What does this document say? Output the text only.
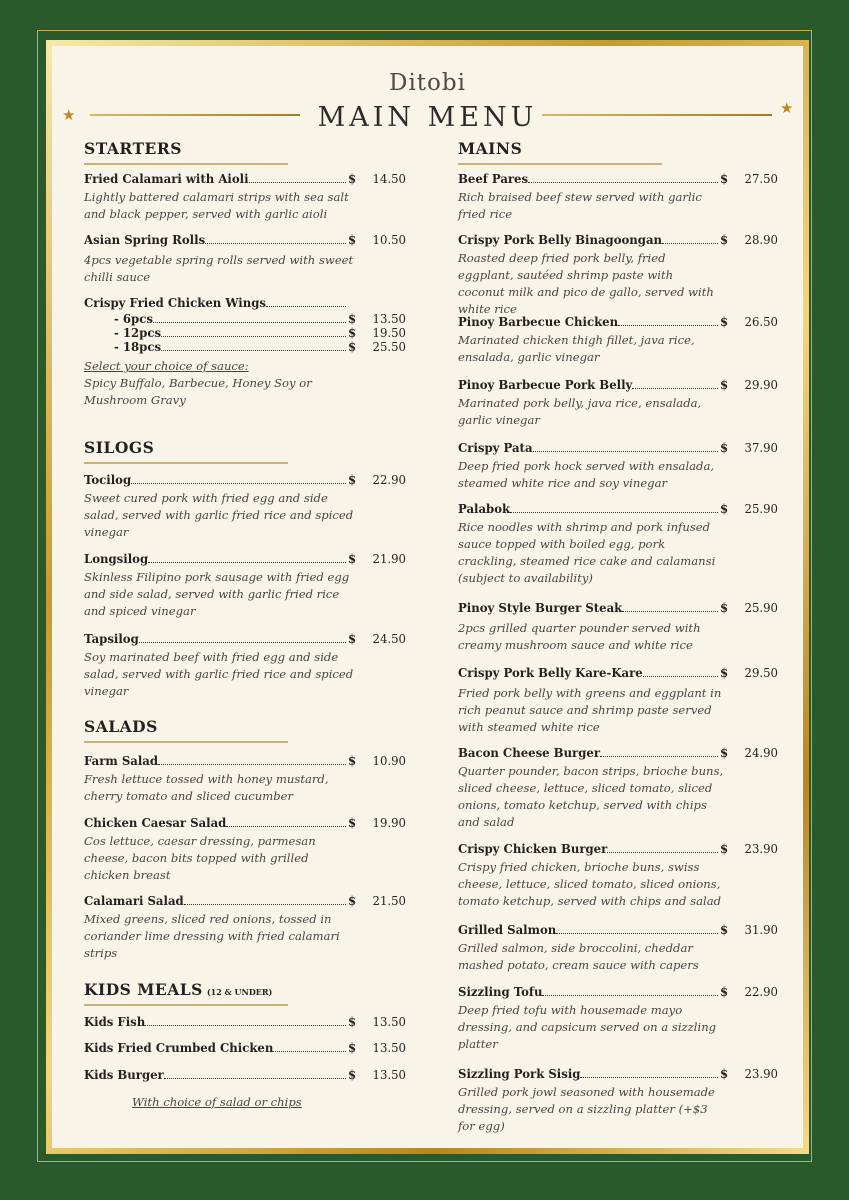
Ditobi
★	MAIN MENU	★
STARTERS
Fried Calamari with Aioli	$	14.50
Lightly battered calamari strips with sea salt and black pepper, served with garlic aioli
Asian Spring Rolls	$	10.50
4pcs vegetable spring rolls served with sweet chilli sauce
Crispy Fried Chicken Wings
- 6pcs	$	13.50
- 12pcs	$	19.50
- 18pcs	$	25.50
Select your choice of sauce:
Spicy Buffalo, Barbecue, Honey Soy or Mushroom Gravy
SILOGS
Tocilog	$	22.90
Sweet cured pork with fried egg and side salad, served with garlic fried rice and spiced vinegar
Longsilog	$	21.90
Skinless Filipino pork sausage with fried egg and side salad, served with garlic fried rice and spiced vinegar
Tapsilog	$	24.50
Soy marinated beef with fried egg and side salad, served with garlic fried rice and spiced vinegar
SALADS
Farm Salad	$	10.90
Fresh lettuce tossed with honey mustard, cherry tomato and sliced cucumber
Chicken Caesar Salad	$	19.90
Cos lettuce, caesar dressing, parmesan cheese, bacon bits topped with grilled chicken breast
Calamari Salad	$	21.50
Mixed greens, sliced red onions, tossed in coriander lime dressing with fried calamari strips
KIDS MEALS (12 & UNDER)
Kids Fish	$	13.50
Kids Fried Crumbed Chicken	$	13.50
Kids Burger	$	13.50
With choice of salad or chips
MAINS
Beef Pares	$	27.50
Rich braised beef stew served with garlic fried rice
Crispy Pork Belly Binagoongan	$	28.90
Roasted deep fried pork belly, fried eggplant, sautéed shrimp paste with coconut milk and pico de gallo, served with white rice
Pinoy Barbecue Chicken	$	26.50
Marinated chicken thigh fillet, java rice, ensalada, garlic vinegar
Pinoy Barbecue Pork Belly	$	29.90
Marinated pork belly, java rice, ensalada, garlic vinegar
Crispy Pata	$	37.90
Deep fried pork hock served with ensalada, steamed white rice and soy vinegar
Palabok	$	25.90
Rice noodles with shrimp and pork infused sauce topped with boiled egg, pork crackling, steamed rice cake and calamansi (subject to availability)
Pinoy Style Burger Steak	$	25.90
2pcs grilled quarter pounder served with creamy mushroom sauce and white rice
Crispy Pork Belly Kare-Kare	$	29.50
Fried pork belly with greens and eggplant in rich peanut sauce and shrimp paste served with steamed white rice
Bacon Cheese Burger	$	24.90
Quarter pounder, bacon strips, brioche buns, sliced cheese, lettuce, sliced tomato, sliced onions, tomato ketchup, served with chips and salad
Crispy Chicken Burger	$	23.90
Crispy fried chicken, brioche buns, swiss cheese, lettuce, sliced tomato, sliced onions, tomato ketchup, served with chips and salad
Grilled Salmon	$	31.90
Grilled salmon, side broccolini, cheddar mashed potato, cream sauce with capers
Sizzling Tofu	$	22.90
Deep fried tofu with housemade mayo dressing, and capsicum served on a sizzling platter
Sizzling Pork Sisig	$	23.90
Grilled pork jowl seasoned with housemade dressing, served on a sizzling platter (+$3 for egg)
